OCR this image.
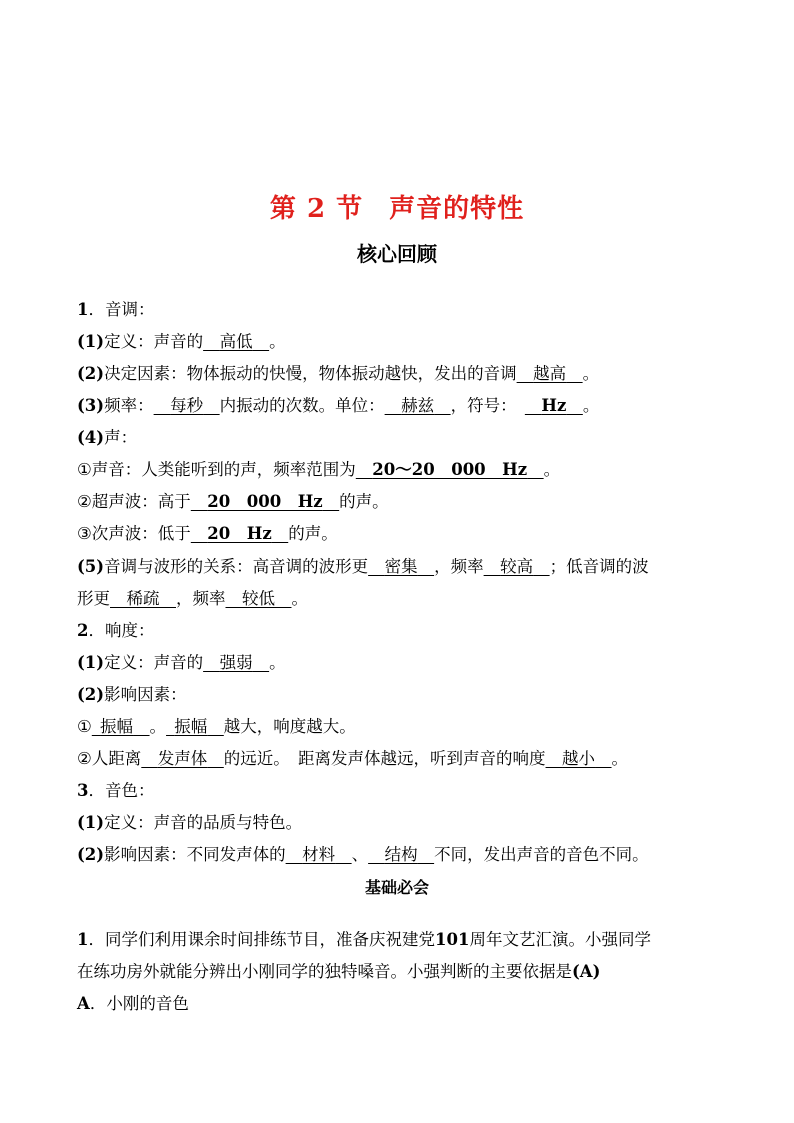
第 2 节 声音的特性
核心回顾
1．音调：
(1)定义：声音的  高低  。
(2)决定因素：物体振动的快慢，物体振动越快，发出的音调  越高  。
(3)频率：  每秒  内振动的次数。单位：  赫兹  ，符号：   Hz  。
(4)声：
①声音：人类能听到的声，频率范围为  20～20　000　Hz  。
②超声波：高于  20　000　Hz  的声。
③次声波：低于  20　Hz  的声。
(5)音调与波形的关系：高音调的波形更  密集  ，频率  较高  ；低音调的波
形更  稀疏  ，频率  较低  。
2．响度：
(1)定义：声音的  强弱  。
(2)影响因素：
①  振幅  。  振幅  越大，响度越大。
②人距离  发声体  的远近。　距离发声体越远，听到声音的响度  越小  。
3．音色：
(1)定义：声音的品质与特色。
(2)影响因素：不同发声体的  材料  、  结构  不同，发出声音的音色不同。
基础必会
1．同学们利用课余时间排练节目，准备庆祝建党101周年文艺汇演。小强同学
在练功房外就能分辨出小刚同学的独特嗓音。小强判断的主要依据是(A)
A．小刚的音色
